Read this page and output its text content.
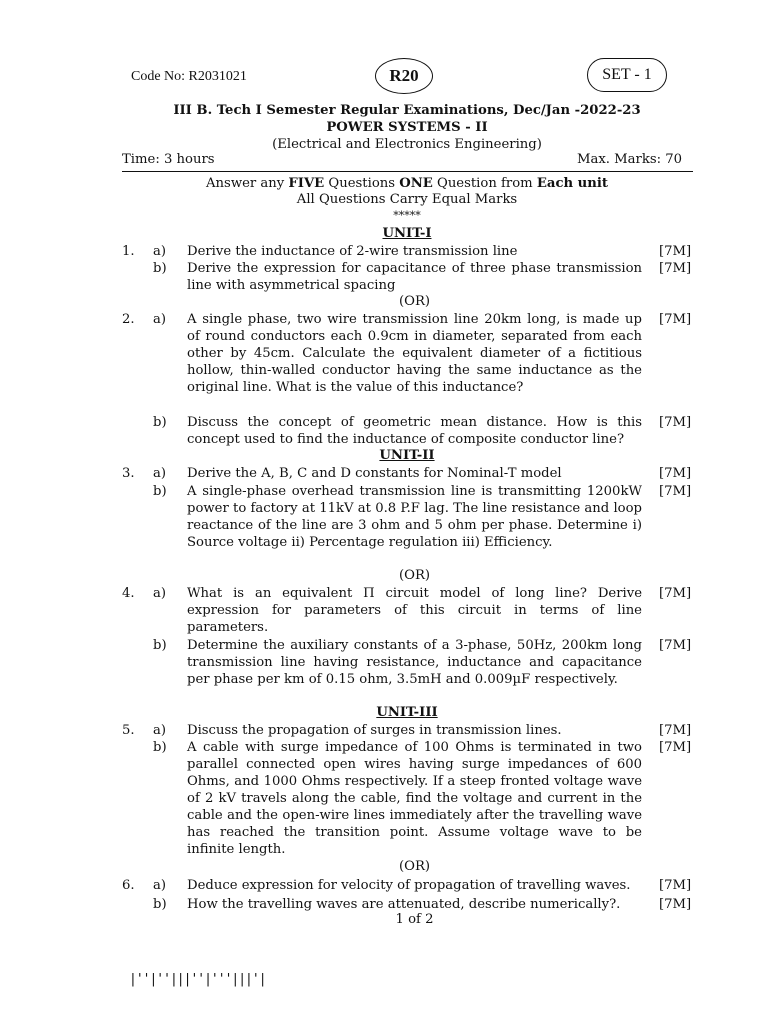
Code No: R2031021	R20	SET - 1
III B. Tech I Semester Regular Examinations, Dec/Jan -2022-23
POWER SYSTEMS - II
(Electrical and Electronics Engineering)
Time: 3 hours	Max. Marks: 70
Answer any FIVE Questions ONE Question from Each unit
All Questions Carry Equal Marks
*****
UNIT-I
1.	a) Derive the inductance of 2-wire transmission line	[7M]
b) Derive the expression for capacitance of three phase transmission line with asymmetrical spacing
[7M]
(OR)
2.	a) A single phase, two wire transmission line 20km long, is made up of round conductors each 0.9cm in diameter, separated from each other by 45cm. Calculate the equivalent diameter of a fictitious hollow, thin-walled conductor having the same inductance as the original line. What is the value of this inductance?
[7M]
b) Discuss the concept of geometric mean distance. How is this concept used to find the inductance of composite conductor line?
[7M]
UNIT-II
3.	a) Derive the A, B, C and D constants for Nominal-T model	[7M]
b) A single-phase overhead transmission line is transmitting 1200kW power to factory at 11kV at 0.8 P.F lag. The line resistance and loop reactance of the line are 3 ohm and 5 ohm per phase. Determine i) Source voltage ii) Percentage regulation iii) Efficiency.
[7M]
(OR)
4.	a) What is an equivalent Π circuit model of long line? Derive expression for parameters of this circuit in terms of line parameters.
[7M]
b) Determine the auxiliary constants of a 3-phase, 50Hz, 200km long transmission line having resistance, inductance and capacitance per phase per km of 0.15 ohm, 3.5mH and 0.009µF respectively.
[7M]
UNIT-III
5.	a) Discuss the propagation of surges in transmission lines.	[7M]
b) A cable with surge impedance of 100 Ohms is terminated in two parallel connected open wires having surge impedances of 600 Ohms, and 1000 Ohms respectively. If a steep fronted voltage wave of 2 kV travels along the cable, find the voltage and current in the cable and the open-wire lines immediately after the travelling wave has reached the transition point. Assume voltage wave to be infinite length.
[7M]
(OR)
6.	a) Deduce expression for velocity of propagation of travelling waves.	[7M]
b) How the travelling waves are attenuated, describe numerically?.	[7M]
1 of 2
|''|''|||''|'''|||'|
